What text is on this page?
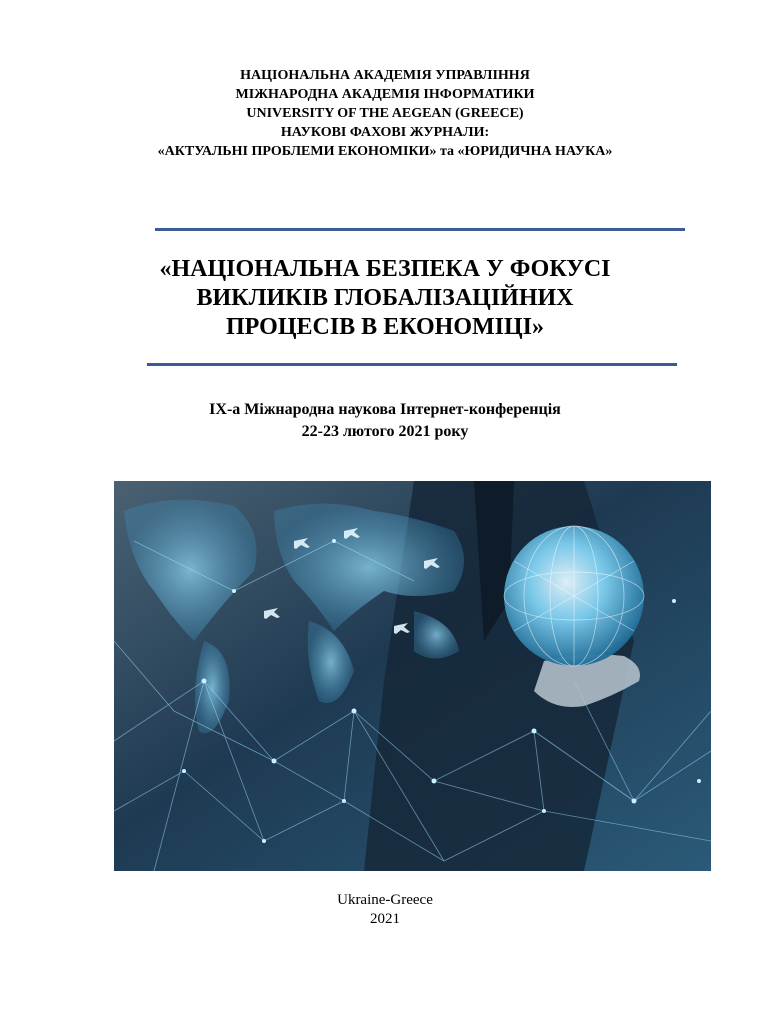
НАЦІОНАЛЬНА АКАДЕМІЯ УПРАВЛІННЯ
МІЖНАРОДНА АКАДЕМІЯ ІНФОРМАТИКИ
UNIVERSITY OF THE AEGEAN (GREECE)
НАУКОВІ ФАХОВІ ЖУРНАЛИ:
«АКТУАЛЬНІ ПРОБЛЕМИ ЕКОНОМІКИ» та «ЮРИДИЧНА НАУКА»
«НАЦІОНАЛЬНА БЕЗПЕКА У ФОКУСІ
ВИКЛИКІВ ГЛОБАЛІЗАЦІЙНИХ
ПРОЦЕСІВ В ЕКОНОМІЦІ»
ІХ-а Міжнародна наукова Інтернет-конференція
22-23 лютого 2021 року
Ukraine-Greece
2021
